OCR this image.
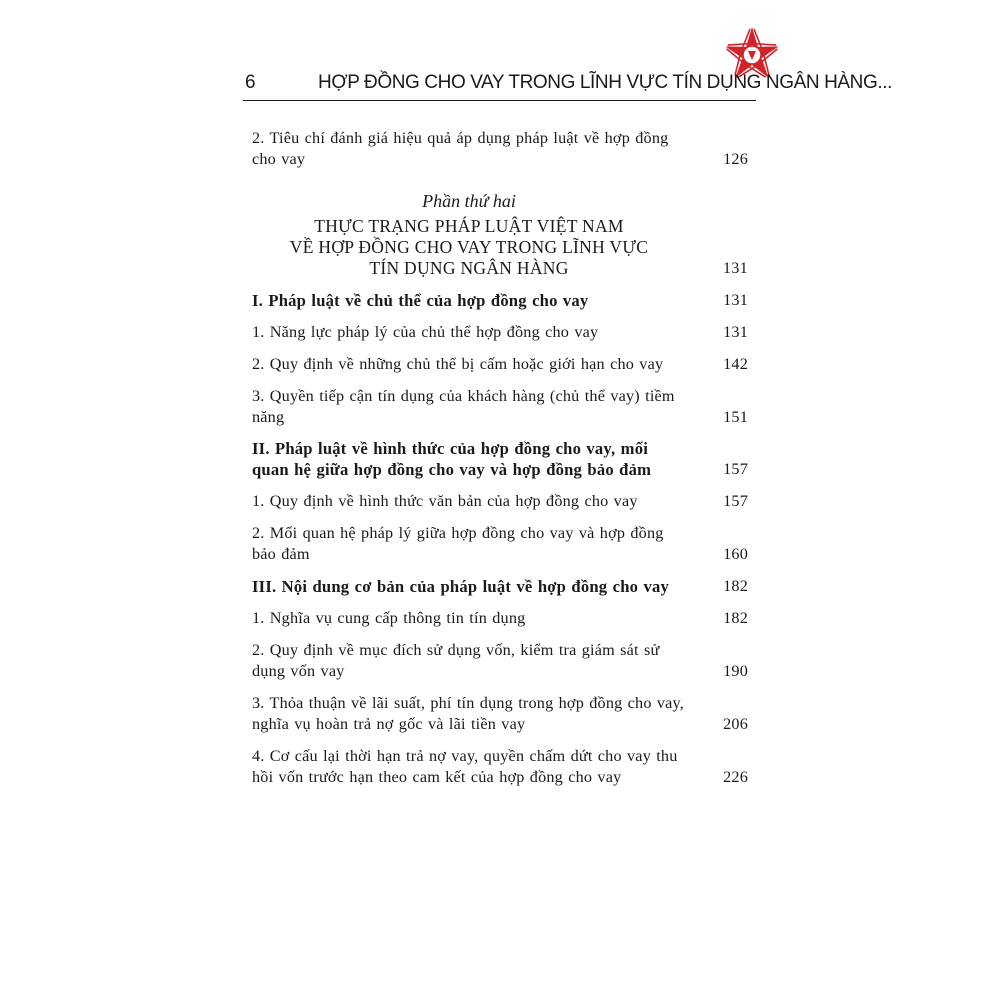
6	HỢP ĐỒNG CHO VAY TRONG LĨNH VỰC TÍN DỤNG NGÂN HÀNG...
2. Tiêu chí đánh giá hiệu quả áp dụng pháp luật về hợp đồng cho vay	126
Phần thứ hai
THỰC TRẠNG PHÁP LUẬT VIỆT NAM
VỀ HỢP ĐỒNG CHO VAY TRONG LĨNH VỰC
TÍN DỤNG NGÂN HÀNG	131
I. Pháp luật về chủ thể của hợp đồng cho vay	131
1. Năng lực pháp lý của chủ thể hợp đồng cho vay	131
2. Quy định về những chủ thể bị cấm hoặc giới hạn cho vay	142
3. Quyền tiếp cận tín dụng của khách hàng (chủ thể vay) tiềm năng	151
II. Pháp luật về hình thức của hợp đồng cho vay, mối quan hệ giữa hợp đồng cho vay và hợp đồng bảo đảm	157
1. Quy định về hình thức văn bản của hợp đồng cho vay	157
2. Mối quan hệ pháp lý giữa hợp đồng cho vay và hợp đồng bảo đảm	160
III. Nội dung cơ bản của pháp luật về hợp đồng cho vay	182
1. Nghĩa vụ cung cấp thông tin tín dụng	182
2. Quy định về mục đích sử dụng vốn, kiểm tra giám sát sử dụng vốn vay	190
3. Thỏa thuận về lãi suất, phí tín dụng trong hợp đồng cho vay, nghĩa vụ hoàn trả nợ gốc và lãi tiền vay	206
4. Cơ cấu lại thời hạn trả nợ vay, quyền chấm dứt cho vay thu hồi vốn trước hạn theo cam kết của hợp đồng cho vay	226
